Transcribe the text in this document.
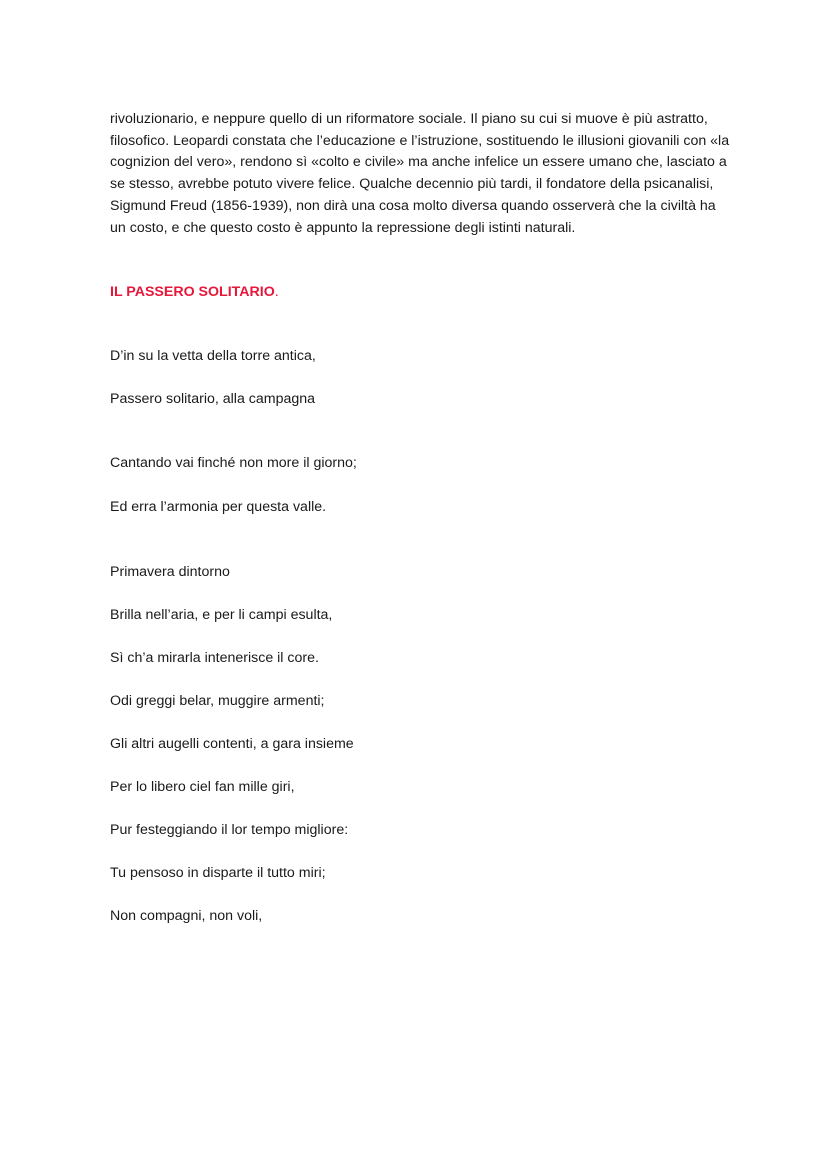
rivoluzionario, e neppure quello di un riformatore sociale. Il piano su cui si muove è più astratto, filosofico. Leopardi constata che l’educazione e l’istruzione, sostituendo le illusioni giovanili con «la cognizion del vero», rendono sì «colto e civile» ma anche infelice un essere umano che, lasciato a se stesso, avrebbe potuto vivere felice. Qualche decennio più tardi, il fondatore della psicanalisi, Sigmund Freud (1856-1939), non dirà una cosa molto diversa quando osserverà che la civiltà ha un costo, e che questo costo è appunto la repressione degli istinti naturali.

IL PASSERO SOLITARIO.

D’in su la vetta della torre antica,

Passero solitario, alla campagna

Cantando vai finché non more il giorno;

Ed erra l’armonia per questa valle.

Primavera dintorno

Brilla nell’aria, e per li campi esulta,

Sì ch’a mirarla intenerisce il core.

Odi greggi belar, muggire armenti;

Gli altri augelli contenti, a gara insieme

Per lo libero ciel fan mille giri,

Pur festeggiando il lor tempo migliore:

Tu pensoso in disparte il tutto miri;

Non compagni, non voli,
